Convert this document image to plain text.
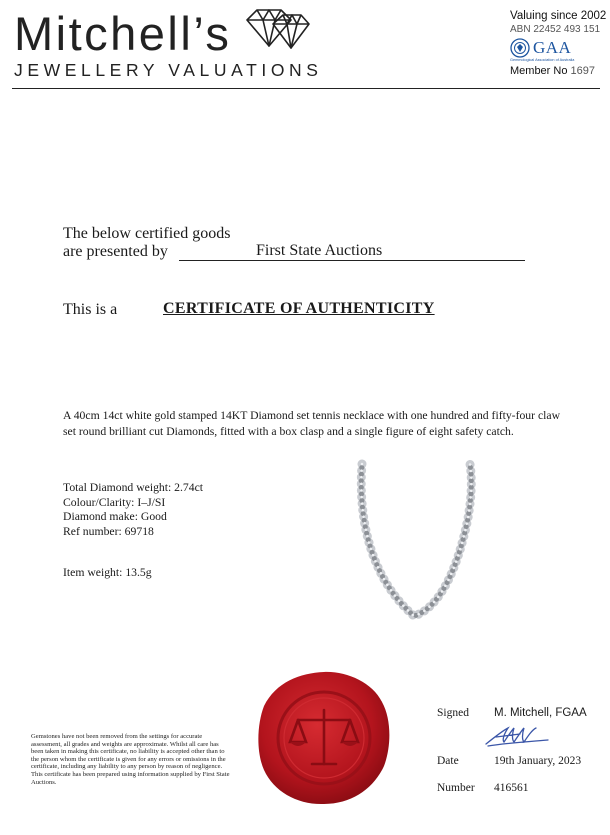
Mitchell’s
JEWELLERY VALUATIONS
Valuing since 2002
ABN 22452 493 151
GAA
Gemmological Association of Australia
Member No 1697
The below certified goods
are presented by	First State Auctions
This is a	CERTIFICATE OF AUTHENTICITY
A 40cm 14ct white gold stamped 14KT Diamond set tennis necklace with one hundred and fifty-four claw set round brilliant cut Diamonds, fitted with a box clasp and a single figure of eight safety catch.
Total Diamond weight: 2.74ct
Colour/Clarity: I–J/SI
Diamond make: Good
Ref number: 69718
Item weight: 13.5g
Gemstones have not been removed from the settings for accurate assessment, all grades and weights are approximate. Whilst all care has been taken in making this certificate, no liability is accepted other than to the person whom the certificate is given for any errors or omissions in the certificate, including any liability to any person by reason of negligence. This certificate has been prepared using information supplied by First State Auctions.
Signed M. Mitchell, FGAA
Date	19th January, 2023
Number 416561
